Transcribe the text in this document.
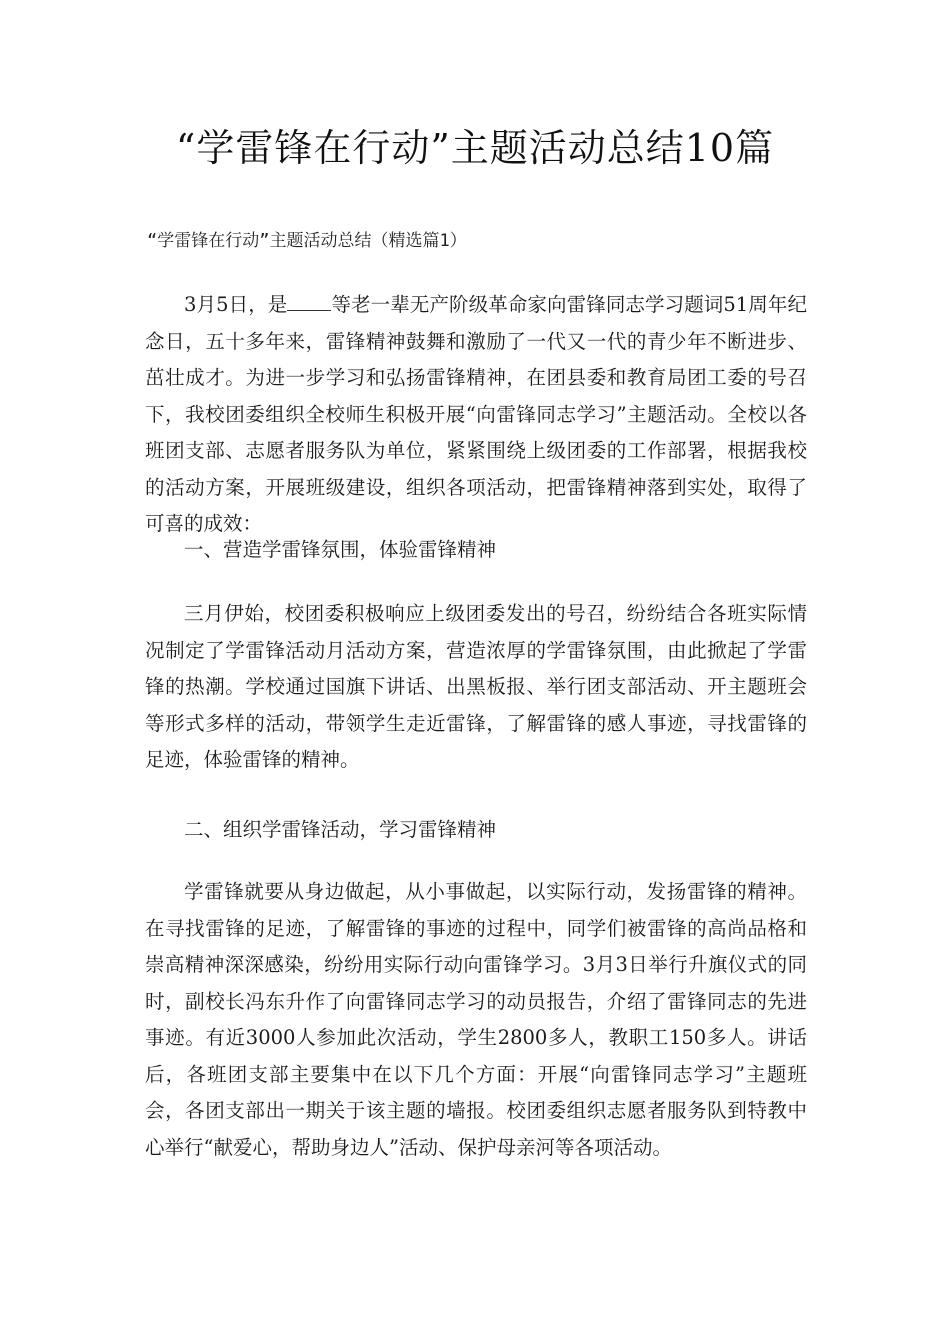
“学雷锋在行动”主题活动总结10篇
“学雷锋在行动”主题活动总结（精选篇1）
3月5日，是 等老一辈无产阶级革命家向雷锋同志学习题词51周年纪念日，五十多年来，雷锋精神鼓舞和激励了一代又一代的青少年不断进步、茁壮成才。为进一步学习和弘扬雷锋精神，在团县委和教育局团工委的号召下，我校团委组织全校师生积极开展“向雷锋同志学习”主题活动。全校以各班团支部、志愿者服务队为单位，紧紧围绕上级团委的工作部署，根据我校的活动方案，开展班级建设，组织各项活动，把雷锋精神落到实处，取得了可喜的成效：
一、营造学雷锋氛围，体验雷锋精神
三月伊始，校团委积极响应上级团委发出的号召，纷纷结合各班实际情况制定了学雷锋活动月活动方案，营造浓厚的学雷锋氛围，由此掀起了学雷锋的热潮。学校通过国旗下讲话、出黑板报、举行团支部活动、开主题班会等形式多样的活动，带领学生走近雷锋，了解雷锋的感人事迹，寻找雷锋的足迹，体验雷锋的精神。
二、组织学雷锋活动，学习雷锋精神
学雷锋就要从身边做起，从小事做起，以实际行动，发扬雷锋的精神。在寻找雷锋的足迹，了解雷锋的事迹的过程中，同学们被雷锋的高尚品格和崇高精神深深感染，纷纷用实际行动向雷锋学习。3月3日举行升旗仪式的同时，副校长冯东升作了向雷锋同志学习的动员报告，介绍了雷锋同志的先进事迹。有近3000人参加此次活动，学生2800多人，教职工150多人。讲话后，各班团支部主要集中在以下几个方面：开展“向雷锋同志学习”主题班会，各团支部出一期关于该主题的墙报。校团委组织志愿者服务队到特教中心举行“献爱心，帮助身边人”活动、保护母亲河等各项活动。
